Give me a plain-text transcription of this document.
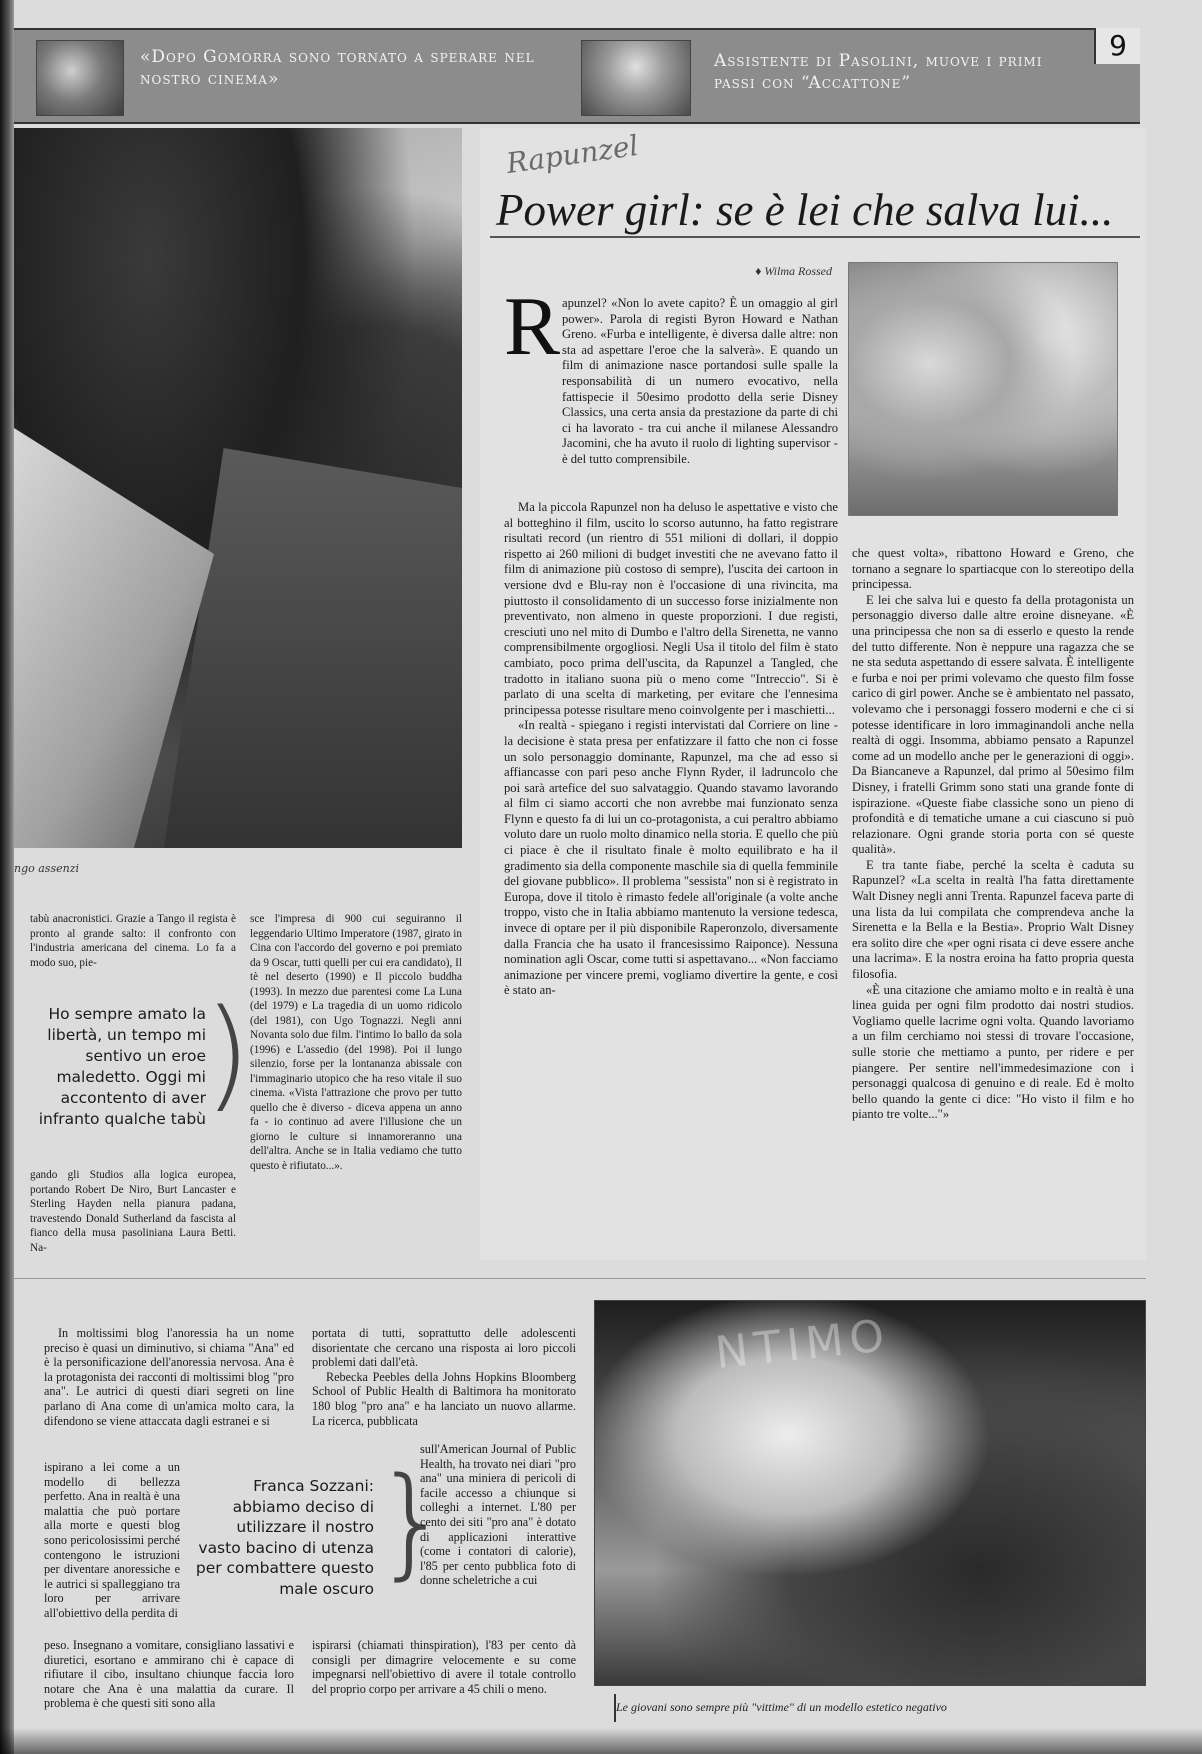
«Dopo Gomorra sono tornato a sperare nel nostro cinema»
Assistente di Pasolini, muove i primi passi con “Accattone”
9
ngo assenzi

tabù anacronistici. Grazie a Tango il regista è pronto al grande salto: il confronto con l'industria americana del cinema. Lo fa a modo suo, pie-

Ho sempre amato la libertà, un tempo mi sentivo un eroe maledetto. Oggi mi accontento di aver infranto qualche tabù
)

gando gli Studios alla logica europea, portando Robert De Niro, Burt Lancaster e Sterling Hayden nella pianura padana, travestendo Donald Sutherland da fascista al fianco della musa pasoliniana Laura Betti. Na-

sce l'impresa di 900 cui seguiranno il leggendario Ultimo Imperatore (1987, girato in Cina con l'accordo del governo e poi premiato da 9 Oscar, tutti quelli per cui era candidato), Il tè nel deserto (1990) e Il piccolo buddha (1993). In mezzo due parentesi come La Luna (del 1979) e La tragedia di un uomo ridicolo (del 1981), con Ugo Tognazzi. Negli anni Novanta solo due film. l'intimo Io ballo da sola (1996) e L'assedio (del 1998). Poi il lungo silenzio, forse per la lontananza abissale con l'immaginario utopico che ha reso vitale il suo cinema. «Vista l'attrazione che provo per tutto quello che è diverso - diceva appena un anno fa - io continuo ad avere l'illusione che un giorno le culture si innamoreranno una dell'altra. Anche se in Italia vediamo che tutto questo è rifiutato...».

Rapunzel
Power girl: se è lei che salva lui...
♦ Wilma Rossed
R apunzel? «Non lo avete capito? È un omaggio al girl power». Parola di registi Byron Howard e Nathan Greno. «Furba e intelligente, è diversa dalle altre: non sta ad aspettare l'eroe che la salverà». E quando un film di animazione nasce portandosi sulle spalle la responsabilità di un numero evocativo, nella fattispecie il 50esimo prodotto della serie Disney Classics, una certa ansia da prestazione da parte di chi ci ha lavorato - tra cui anche il milanese Alessandro Jacomini, che ha avuto il ruolo di lighting supervisor - è del tutto comprensibile.

Ma la piccola Rapunzel non ha deluso le aspettative e visto che al botteghino il film, uscito lo scorso autunno, ha fatto registrare risultati record (un rientro di 551 milioni di dollari, il doppio rispetto ai 260 milioni di budget investiti che ne avevano fatto il film di animazione più costoso di sempre), l'uscita dei cartoon in versione dvd e Blu-ray non è l'occasione di una rivincita, ma piuttosto il consolidamento di un successo forse inizialmente non preventivato, non almeno in queste proporzioni. I due registi, cresciuti uno nel mito di Dumbo e l'altro della Sirenetta, ne vanno comprensibilmente orgogliosi. Negli Usa il titolo del film è stato cambiato, poco prima dell'uscita, da Rapunzel a Tangled, che tradotto in italiano suona più o meno come "Intreccio". Si è parlato di una scelta di marketing, per evitare che l'ennesima principessa potesse risultare meno coinvolgente per i maschietti...

«In realtà - spiegano i registi intervistati dal Corriere on line - la decisione è stata presa per enfatizzare il fatto che non ci fosse un solo personaggio dominante, Rapunzel, ma che ad esso si affiancasse con pari peso anche Flynn Ryder, il ladruncolo che poi sarà artefice del suo salvataggio. Quando stavamo lavorando al film ci siamo accorti che non avrebbe mai funzionato senza Flynn e questo fa di lui un co-protagonista, a cui peraltro abbiamo voluto dare un ruolo molto dinamico nella storia. E quello che più ci piace è che il risultato finale è molto equilibrato e ha il gradimento sia della componente maschile sia di quella femminile del giovane pubblico». Il problema "sessista" non si è registrato in Europa, dove il titolo è rimasto fedele all'originale (a volte anche troppo, visto che in Italia abbiamo mantenuto la versione tedesca, invece di optare per il più disponibile Raperonzolo, diversamente dalla Francia che ha usato il francesissimo Raiponce). Nessuna nomination agli Oscar, come tutti si aspettavano... «Non facciamo animazione per vincere premi, vogliamo divertire la gente, e così è stato an-

che quest volta», ribattono Howard e Greno, che tornano a segnare lo spartiacque con lo stereotipo della principessa.

E lei che salva lui e questo fa della protagonista un personaggio diverso dalle altre eroine disneyane. «È una principessa che non sa di esserlo e questo la rende del tutto differente. Non è neppure una ragazza che se ne sta seduta aspettando di essere salvata. È intelligente e furba e noi per primi volevamo che questo film fosse carico di girl power. Anche se è ambientato nel passato, volevamo che i personaggi fossero moderni e che ci si potesse identificare in loro immaginandoli anche nella realtà di oggi. Insomma, abbiamo pensato a Rapunzel come ad un modello anche per le generazioni di oggi». Da Biancaneve a Rapunzel, dal primo al 50esimo film Disney, i fratelli Grimm sono stati una grande fonte di ispirazione. «Queste fiabe classiche sono un pieno di profondità e di tematiche umane a cui ciascuno si può relazionare. Ogni grande storia porta con sé queste qualità».

E tra tante fiabe, perché la scelta è caduta su Rapunzel? «La scelta in realtà l'ha fatta direttamente Walt Disney negli anni Trenta. Rapunzel faceva parte di una lista da lui compilata che comprendeva anche la Sirenetta e la Bella e la Bestia». Proprio Walt Disney era solito dire che «per ogni risata ci deve essere anche una lacrima». E la nostra eroina ha fatto propria questa filosofia.

«È una citazione che amiamo molto e in realtà è una linea guida per ogni film prodotto dai nostri studios. Vogliamo quelle lacrime ogni volta. Quando lavoriamo a un film cerchiamo noi stessi di trovare l'occasione, sulle storie che mettiamo a punto, per ridere e per piangere. Per sentire nell'immedesimazione con i personaggi qualcosa di genuino e di reale. Ed è molto bello quando la gente ci dice: "Ho visto il film e ho pianto tre volte..."»

In moltissimi blog l'anoressia ha un nome preciso è quasi un diminutivo, si chiama "Ana" ed è la personificazione dell'anoressia nervosa. Ana è la protagonista dei racconti di moltissimi blog "pro ana". Le autrici di questi diari segreti on line parlano di Ana come di un'amica molto cara, la difendono se viene attaccata dagli estranei e si

ispirano a lei come a un modello di bellezza perfetto. Ana in realtà è una malattia che può portare alla morte e questi blog sono pericolosissimi perché contengono le istruzioni per diventare anoressiche e le autrici si spalleggiano tra loro per arrivare all'obiettivo della perdita di

Franca Sozzani: abbiamo deciso di utilizzare il nostro vasto bacino di utenza per combattere questo male oscuro }

peso. Insegnano a vomitare, consigliano lassativi e diuretici, esortano e ammirano chi è capace di rifiutare il cibo, insultano chiunque faccia loro notare che Ana è una malattia da curare. Il problema è che questi siti sono alla

portata di tutti, soprattutto delle adolescenti disorientate che cercano una risposta ai loro piccoli problemi dati dall'età.

Rebecka Peebles della Johns Hopkins Bloomberg School of Public Health di Baltimora ha monitorato 180 blog "pro ana" e ha lanciato un nuovo allarme. La ricerca, pubblicata

sull'American Journal of Public Health, ha trovato nei diari "pro ana" una miniera di pericoli di facile accesso a chiunque si colleghi a internet. L'80 per cento dei siti "pro ana" è dotato di applicazioni interattive (come i contatori di calorie), l'85 per cento pubblica foto di donne scheletriche a cui

ispirarsi (chiamati thinspiration), l'83 per cento dà consigli per dimagrire velocemente e su come impegnarsi nell'obiettivo di avere il totale controllo del proprio corpo per arrivare a 45 chili o meno.

NTIMO
Le giovani sono sempre più "vittime" di un modello estetico negativo
